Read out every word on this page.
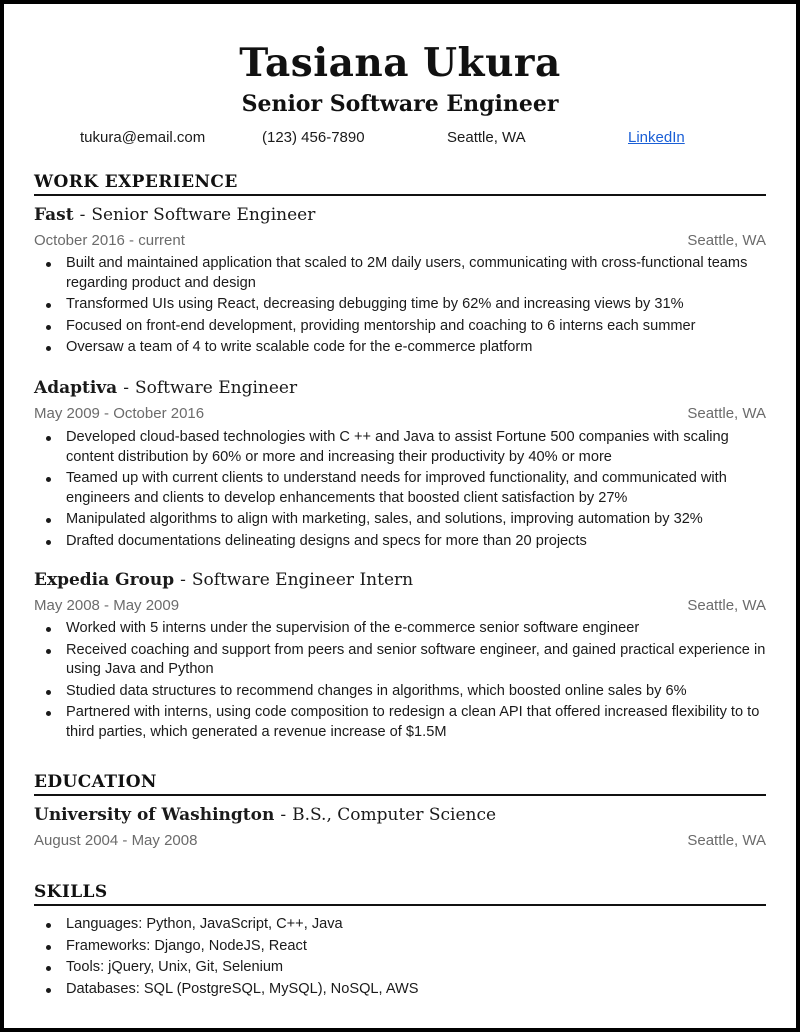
Tasiana Ukura
Senior Software Engineer
tukura@email.com	(123) 456-7890	Seattle, WA	LinkedIn
WORK EXPERIENCE
Fast - Senior Software Engineer
October 2016 - current	Seattle, WA
Built and maintained application that scaled to 2M daily users, communicating with cross-functional teams regarding product and design
Transformed UIs using React, decreasing debugging time by 62% and increasing views by 31%
Focused on front-end development, providing mentorship and coaching to 6 interns each summer
Oversaw a team of 4 to write scalable code for the e-commerce platform
Adaptiva - Software Engineer
May 2009 - October 2016	Seattle, WA
Developed cloud-based technologies with C ++ and Java to assist Fortune 500 companies with scaling content distribution by 60% or more and increasing their productivity by 40% or more
Teamed up with current clients to understand needs for improved functionality, and communicated with engineers and clients to develop enhancements that boosted client satisfaction by 27%
Manipulated algorithms to align with marketing, sales, and solutions, improving automation by 32%
Drafted documentations delineating designs and specs for more than 20 projects
Expedia Group - Software Engineer Intern
May 2008 - May 2009	Seattle, WA
Worked with 5 interns under the supervision of the e-commerce senior software engineer
Received coaching and support from peers and senior software engineer, and gained practical experience in using Java and Python
Studied data structures to recommend changes in algorithms, which boosted online sales by 6%
Partnered with interns, using code composition to redesign a clean API that offered increased flexibility to to third parties, which generated a revenue increase of $1.5M
EDUCATION
University of Washington - B.S., Computer Science
August 2004 - May 2008	Seattle, WA
SKILLS
Languages: Python, JavaScript, C++, Java
Frameworks: Django, NodeJS, React
Tools: jQuery, Unix, Git, Selenium
Databases: SQL (PostgreSQL, MySQL), NoSQL, AWS
